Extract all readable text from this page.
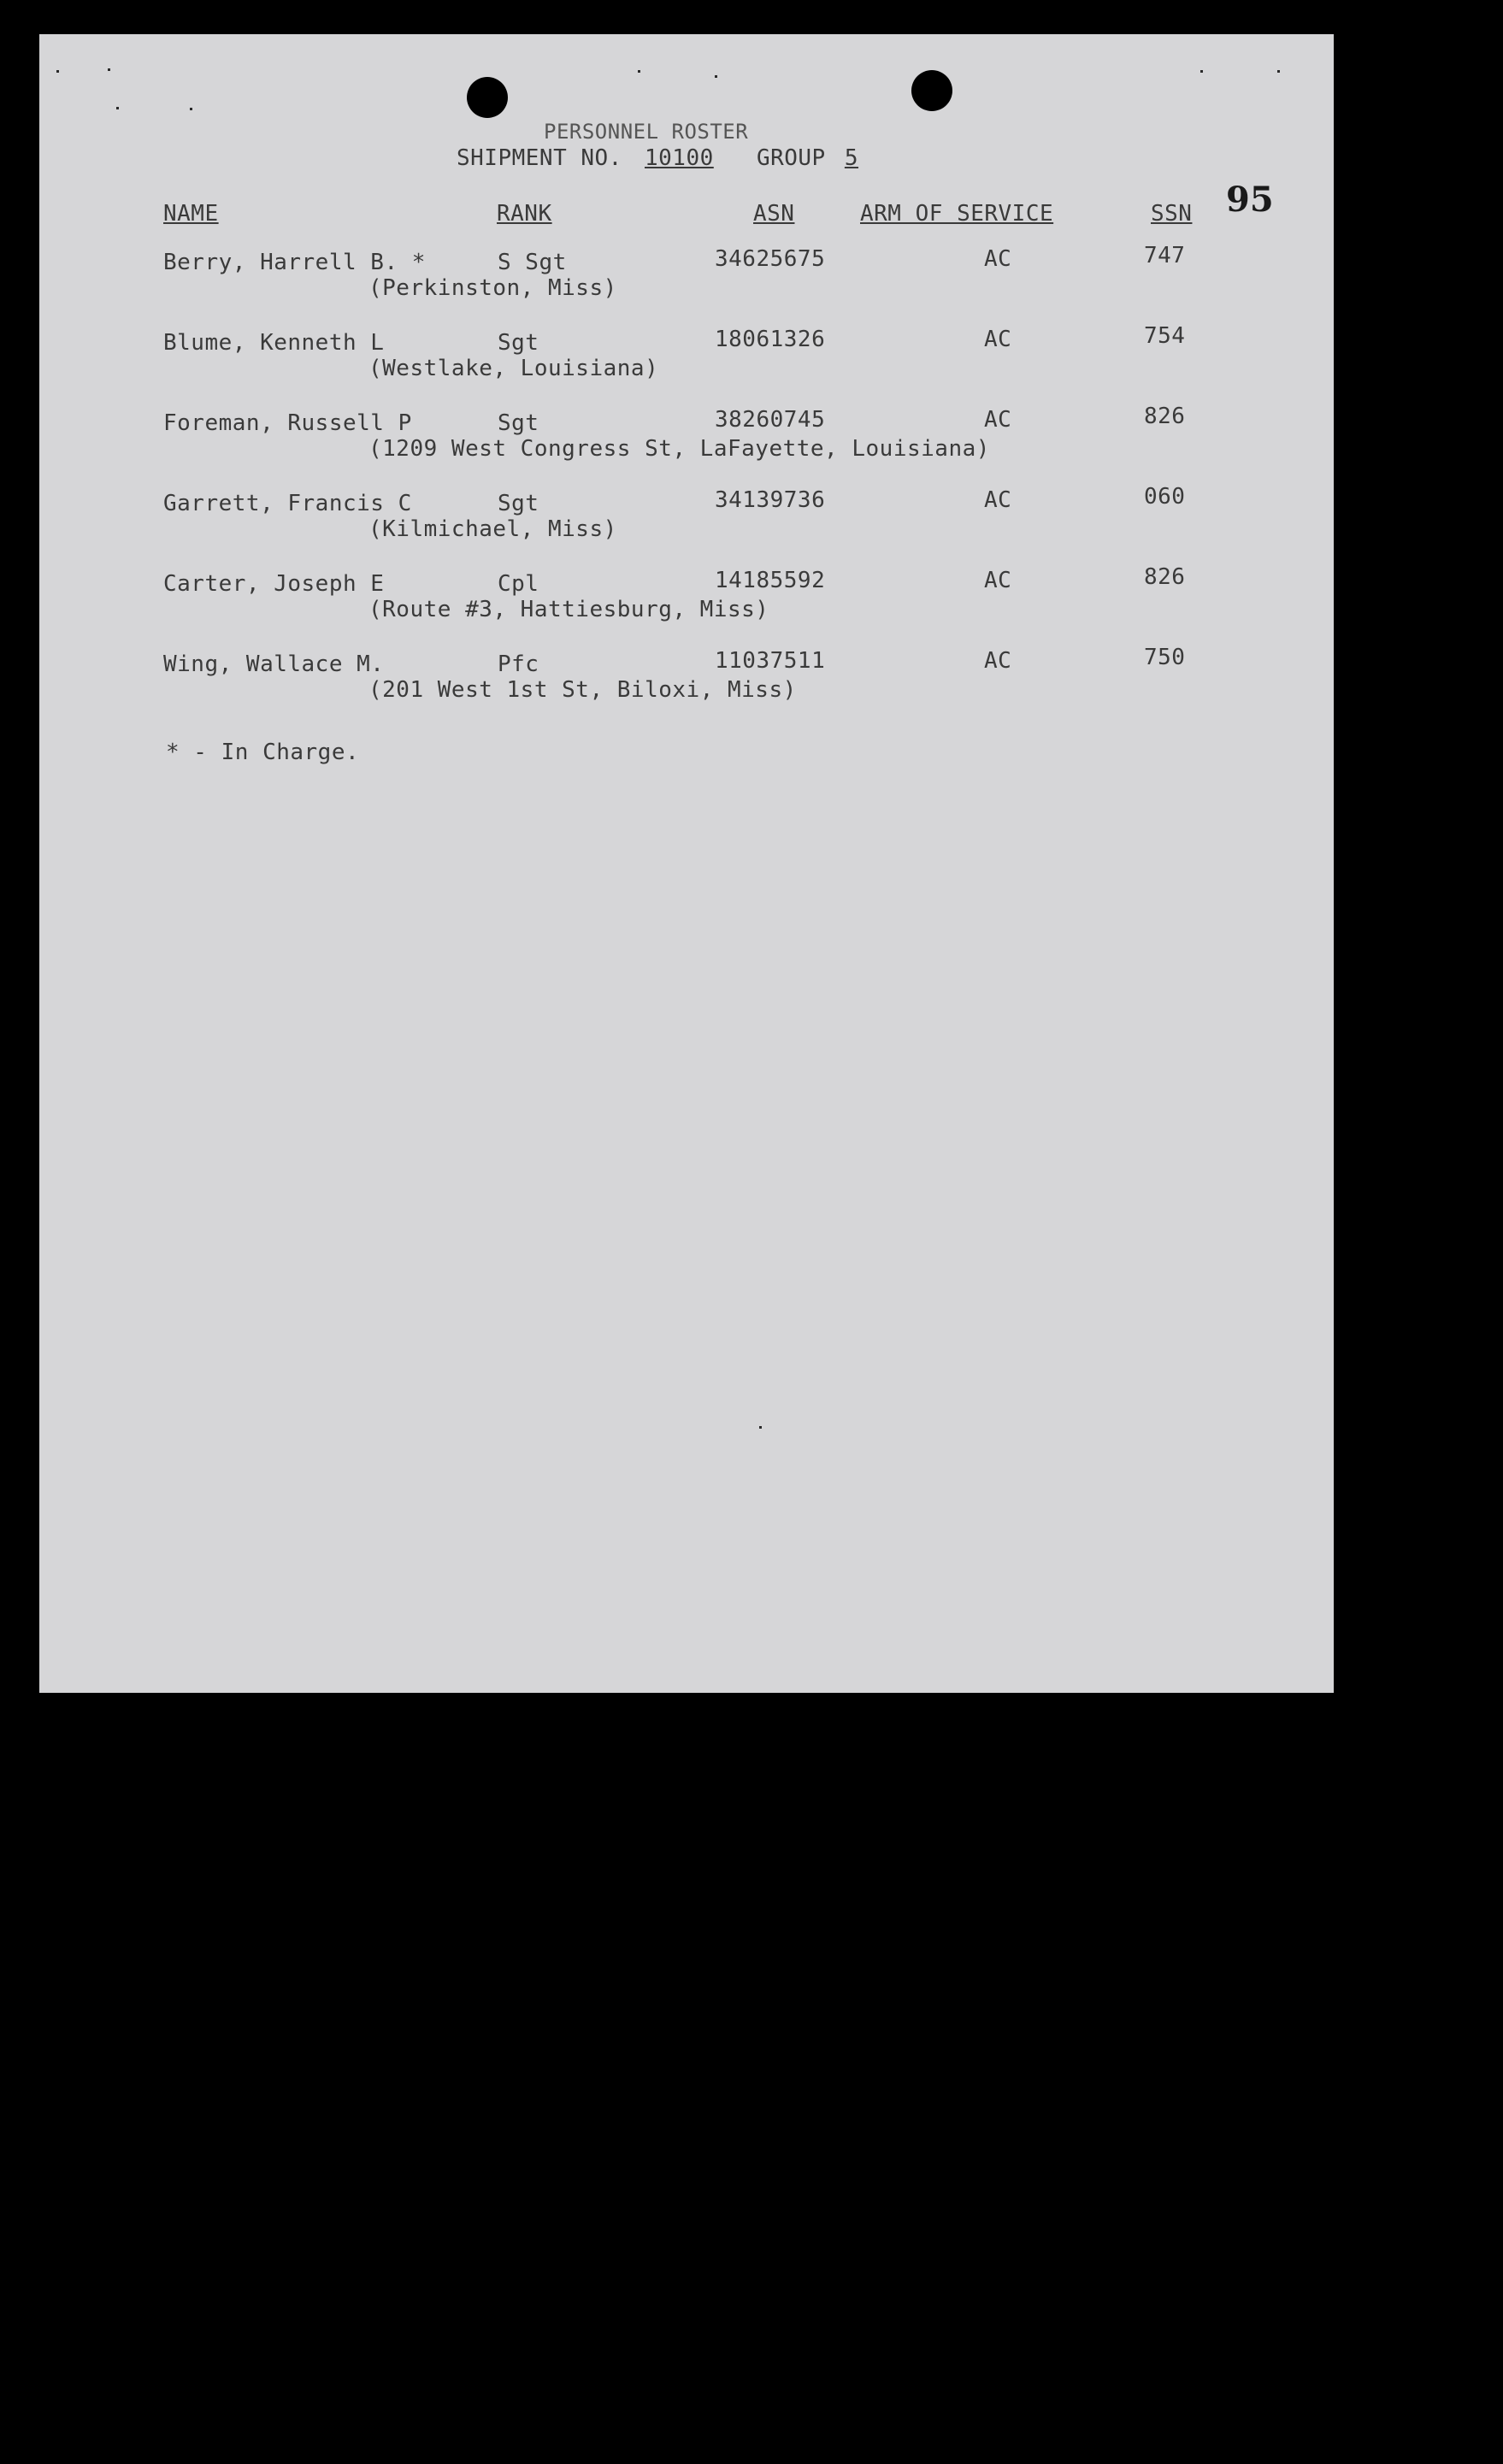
PERSONNEL ROSTER
SHIPMENT NO. 10100 GROUP 5
95
NAME	RANK	ASN	ARM OF SERVICE	SSN
Berry, Harrell B. *	S Sgt	34625675	AC	747
(Perkinston, Miss)
Blume, Kenneth L	Sgt	18061326	AC	754
(Westlake, Louisiana)
Foreman, Russell P	Sgt	38260745	AC	826
(1209 West Congress St, LaFayette, Louisiana)
Garrett, Francis C	Sgt	34139736	AC	060
(Kilmichael, Miss)
Carter, Joseph E	Cpl	14185592	AC	826
(Route #3, Hattiesburg, Miss)
Wing, Wallace M.	Pfc	11037511	AC	750
(201 West 1st St, Biloxi, Miss)
* - In Charge.
